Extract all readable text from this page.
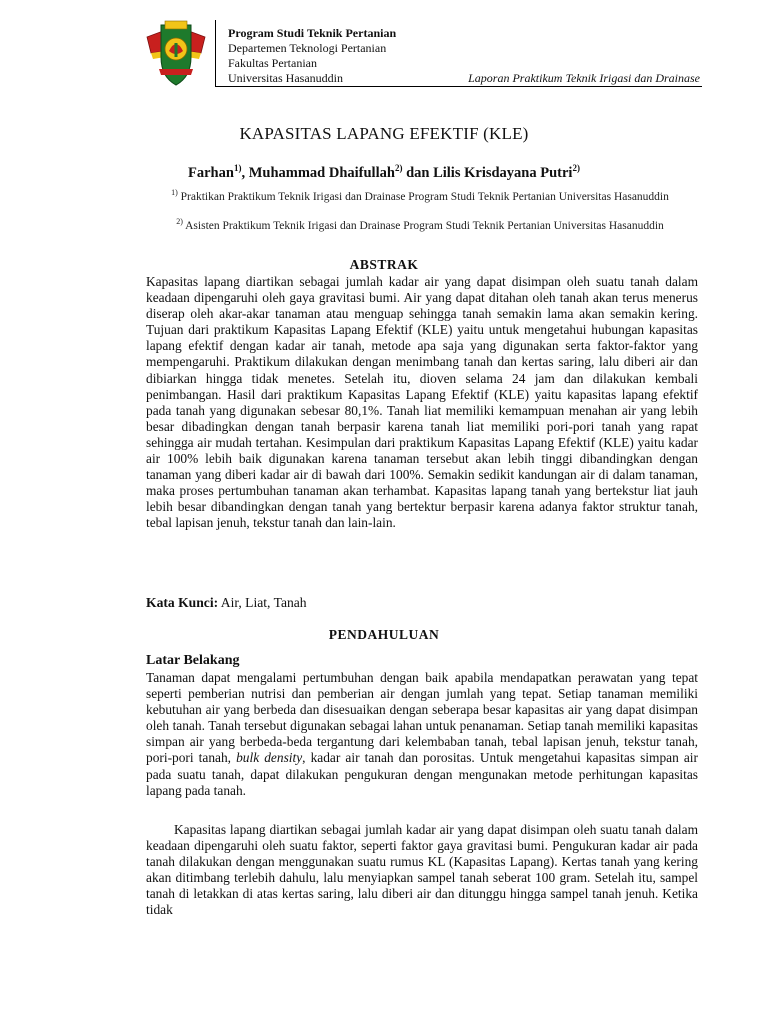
Program Studi Teknik Pertanian
Departemen Teknologi Pertanian
Fakultas Pertanian
Universitas Hasanuddin	Laporan Praktikum Teknik Irigasi dan Drainase
KAPASITAS LAPANG EFEKTIF (KLE)
Farhan$^{1)}$, Muhammad Dhaifullah$^{2)}$ dan Lilis Krisdayana Putri$^{2)}$
$^{1)}$ Praktikan Praktikum Teknik Irigasi dan Drainase Program Studi Teknik Pertanian Universitas Hasanuddin
$^{2)}$ Asisten Praktikum Teknik Irigasi dan Drainase Program Studi Teknik Pertanian Universitas Hasanuddin
ABSTRAK
Kapasitas lapang diartikan sebagai jumlah kadar air yang dapat disimpan oleh suatu tanah dalam keadaan dipengaruhi oleh gaya gravitasi bumi. Air yang dapat ditahan oleh tanah akan terus menerus diserap oleh akar-akar tanaman atau menguap sehingga tanah semakin lama akan semakin kering. Tujuan dari praktikum Kapasitas Lapang Efektif (KLE) yaitu untuk mengetahui hubungan kapasitas lapang efektif dengan kadar air tanah, metode apa saja yang digunakan serta faktor-faktor yang mempengaruhi. Praktikum dilakukan dengan menimbang tanah dan kertas saring, lalu diberi air dan dibiarkan hingga tidak menetes. Setelah itu, dioven selama 24 jam dan dilakukan kembali penimbangan. Hasil dari praktikum Kapasitas Lapang Efektif (KLE) yaitu kapasitas lapang efektif pada tanah yang digunakan sebesar 80,1%. Tanah liat memiliki kemampuan menahan air yang lebih besar dibadingkan dengan tanah berpasir karena tanah liat memiliki pori-pori tanah yang rapat sehingga air mudah tertahan. Kesimpulan dari praktikum Kapasitas Lapang Efektif (KLE) yaitu kadar air 100% lebih baik digunakan karena tanaman tersebut akan lebih tinggi dibandingkan dengan tanaman yang diberi kadar air di bawah dari 100%. Semakin sedikit kandungan air di dalam tanaman, maka proses pertumbuhan tanaman akan terhambat. Kapasitas lapang tanah yang bertekstur liat jauh lebih besar dibandingkan dengan tanah yang bertektur berpasir karena adanya faktor struktur tanah, tebal lapisan jenuh, tekstur tanah dan lain-lain.
Kata Kunci: Air, Liat, Tanah
PENDAHULUAN
Latar Belakang
Tanaman dapat mengalami pertumbuhan dengan baik apabila mendapatkan perawatan yang tepat seperti pemberian nutrisi dan pemberian air dengan jumlah yang tepat. Setiap tanaman memiliki kebutuhan air yang berbeda dan disesuaikan dengan seberapa besar kapasitas air yang dapat disimpan oleh tanah. Tanah tersebut digunakan sebagai lahan untuk penanaman. Setiap tanah memiliki kapasitas simpan air yang berbeda-beda tergantung dari kelembaban tanah, tebal lapisan jenuh, tekstur tanah, pori-pori tanah, bulk density, kadar air tanah dan porositas. Untuk mengetahui kapasitas simpan air pada suatu tanah, dapat dilakukan pengukuran dengan mengunakan metode perhitungan kapasitas lapang pada tanah.
Kapasitas lapang diartikan sebagai jumlah kadar air yang dapat disimpan oleh suatu tanah dalam keadaan dipengaruhi oleh suatu faktor, seperti faktor gaya gravitasi bumi. Pengukuran kadar air pada tanah dilakukan dengan menggunakan suatu rumus KL (Kapasitas Lapang). Kertas tanah yang kering akan ditimbang terlebih dahulu, lalu menyiapkan sampel tanah seberat 100 gram. Setelah itu, sampel tanah di letakkan di atas kertas saring, lalu diberi air dan ditunggu hingga sampel tanah jenuh. Ketika tidak
